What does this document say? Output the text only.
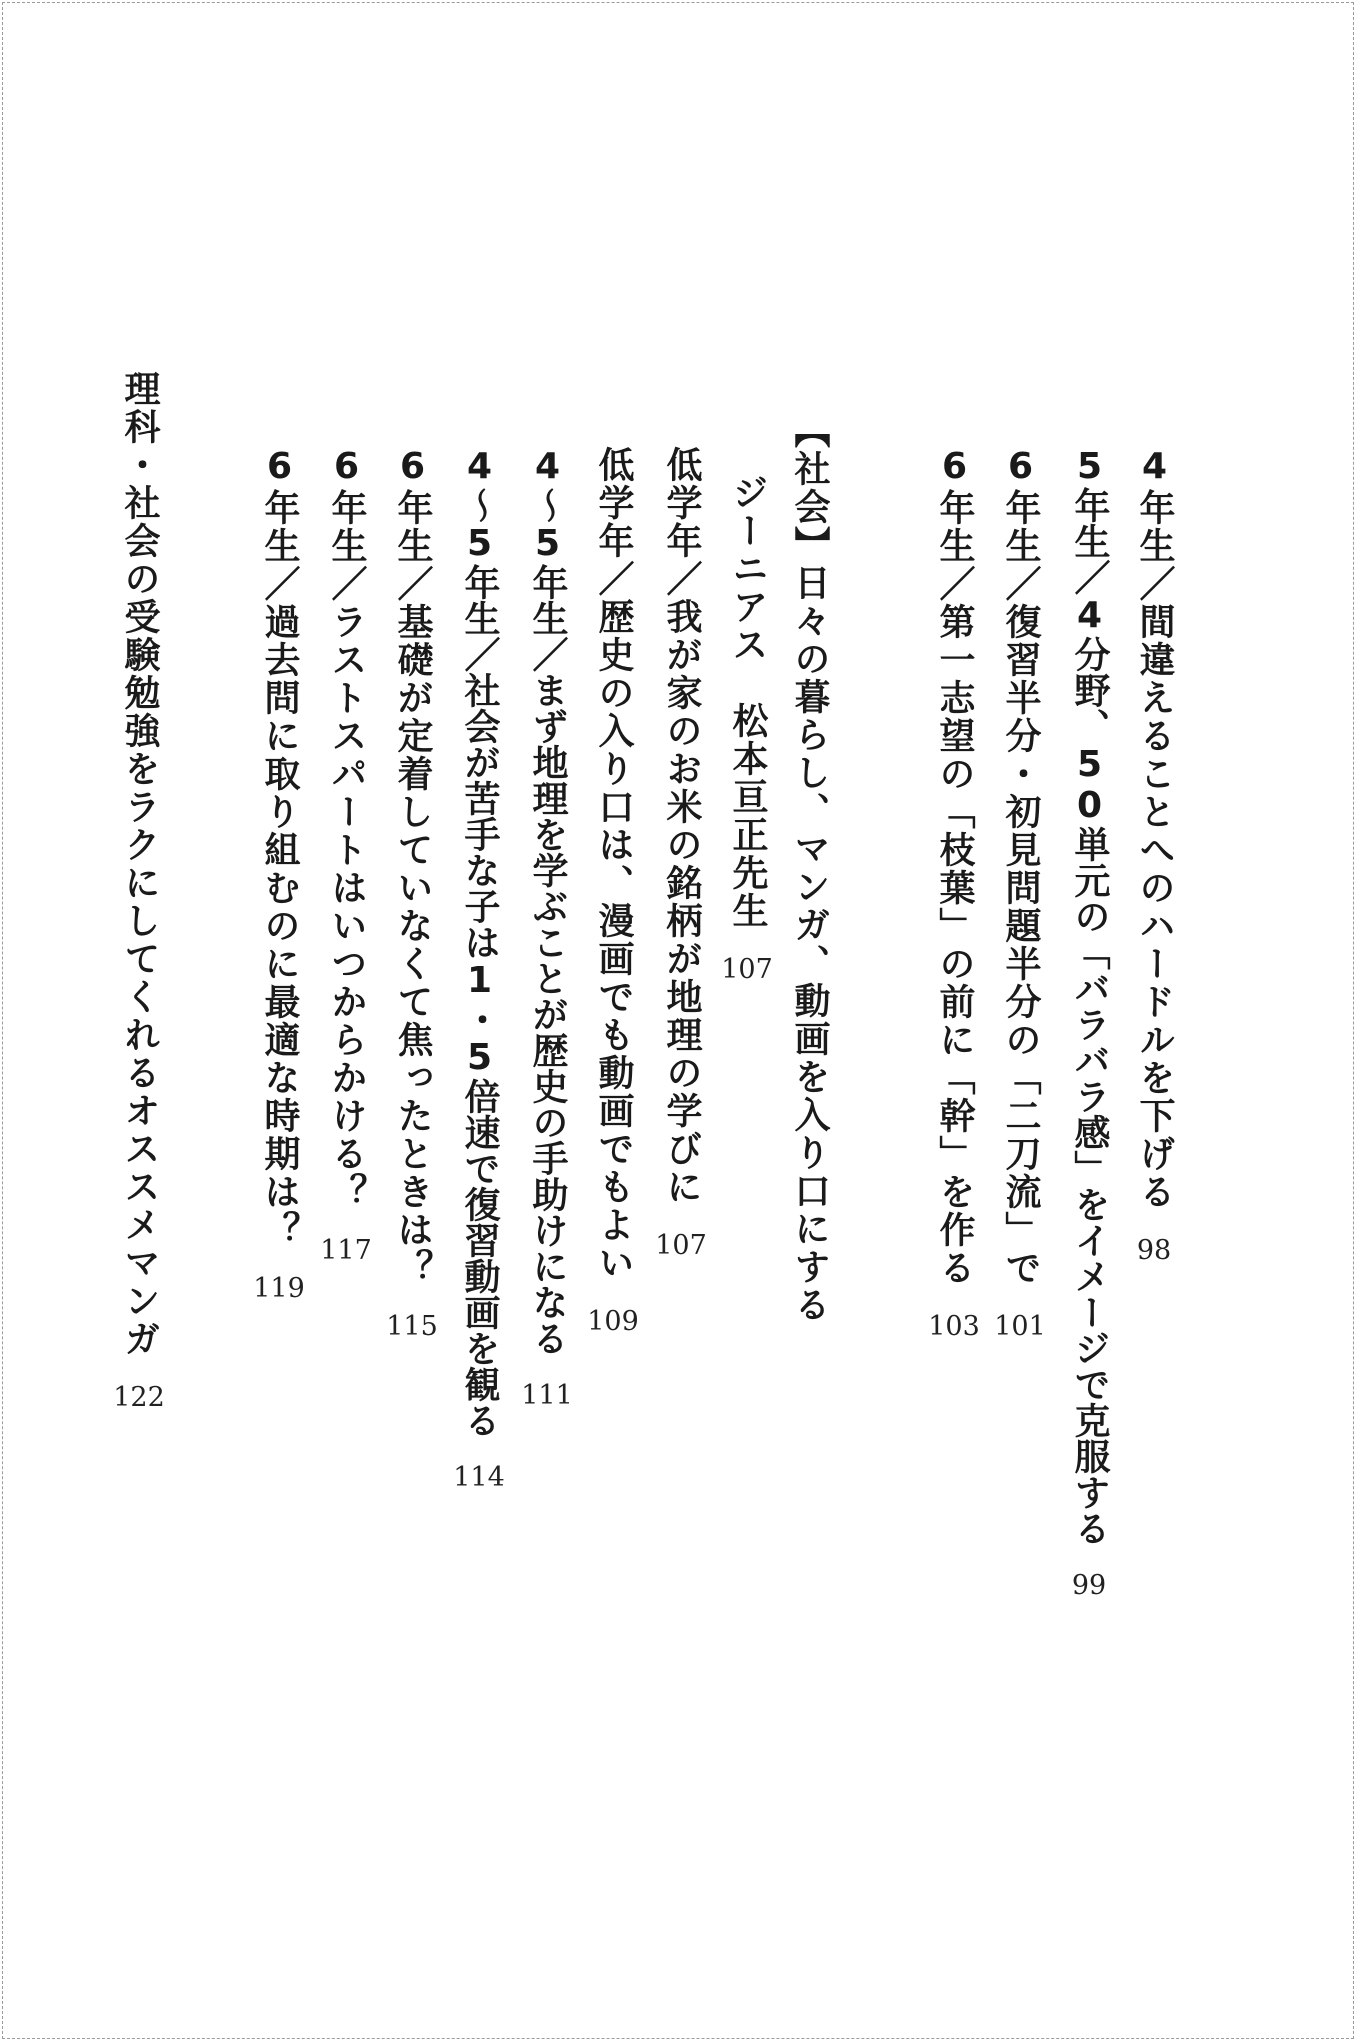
4年生／間違えることへのハードルを下げる
98
5年生／4分野、50単元の「バラバラ感」をイメージで克服する
99
6年生／復習半分・初見問題半分の「二刀流」で
101
6年生／第一志望の「枝葉」の前に「幹」を作る
103
【社会】日々の暮らし、マンガ、動画を入り口にする
ジーニアス　松本亘正先生
107
低学年／我が家のお米の銘柄が地理の学びに
107
低学年／歴史の入り口は、漫画でも動画でもよい
109
4〜5年生／まず地理を学ぶことが歴史の手助けになる
111
4〜5年生／社会が苦手な子は1・5倍速で復習動画を観る
114
6年生／基礎が定着していなくて焦ったときは？
115
6年生／ラストスパートはいつからかける？
117
6年生／過去問に取り組むのに最適な時期は？
119
理科・社会の受験勉強をラクにしてくれるオススメマンガ
122
